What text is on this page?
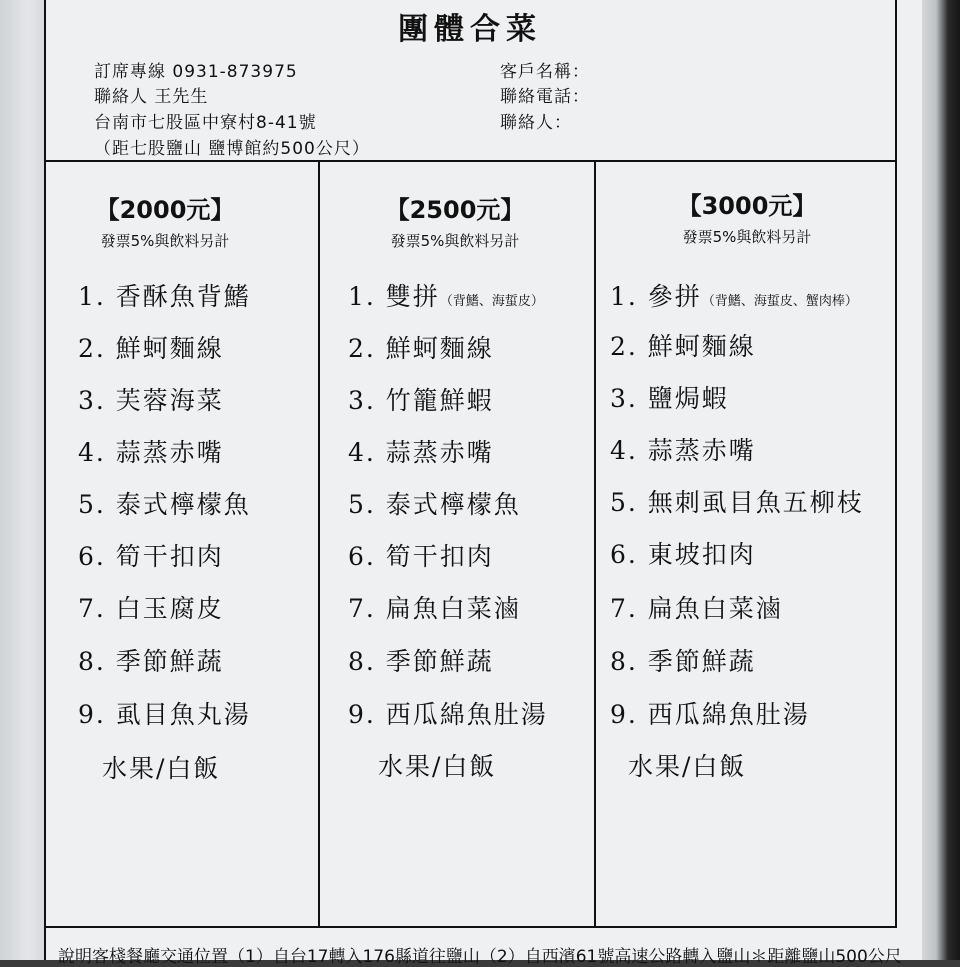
團體合菜
訂席專線 0931-873975
聯絡人 王先生
台南市七股區中寮村8-41號
（距七股鹽山 鹽博館約500公尺）
客戶名稱：
聯絡電話：
聯絡人：
【2000元】
發票5%與飲料另計
1. 香酥魚背鰭
2. 鮮蚵麵線
3. 芙蓉海菜
4. 蒜蒸赤嘴
5. 泰式檸檬魚
6. 筍干扣肉
7. 白玉腐皮
8. 季節鮮蔬
9. 虱目魚丸湯
水果/白飯
【2500元】
發票5%與飲料另計
1. 雙拼（背鰭、海蜇皮）
2. 鮮蚵麵線
3. 竹籠鮮蝦
4. 蒜蒸赤嘴
5. 泰式檸檬魚
6. 筍干扣肉
7. 扁魚白菜滷
8. 季節鮮蔬
9. 西瓜綿魚肚湯
水果/白飯
【3000元】
發票5%與飲料另計
1. 參拼（背鰭、海蜇皮、蟹肉棒）
2. 鮮蚵麵線
3. 鹽焗蝦
4. 蒜蒸赤嘴
5. 無刺虱目魚五柳枝
6. 東坡扣肉
7. 扁魚白菜滷
8. 季節鮮蔬
9. 西瓜綿魚肚湯
水果/白飯
說明客棧餐廳交通位置（1）自台17轉入176縣道往鹽山（2）自西濱61號高速公路轉入鹽山＊距離鹽山500公尺
